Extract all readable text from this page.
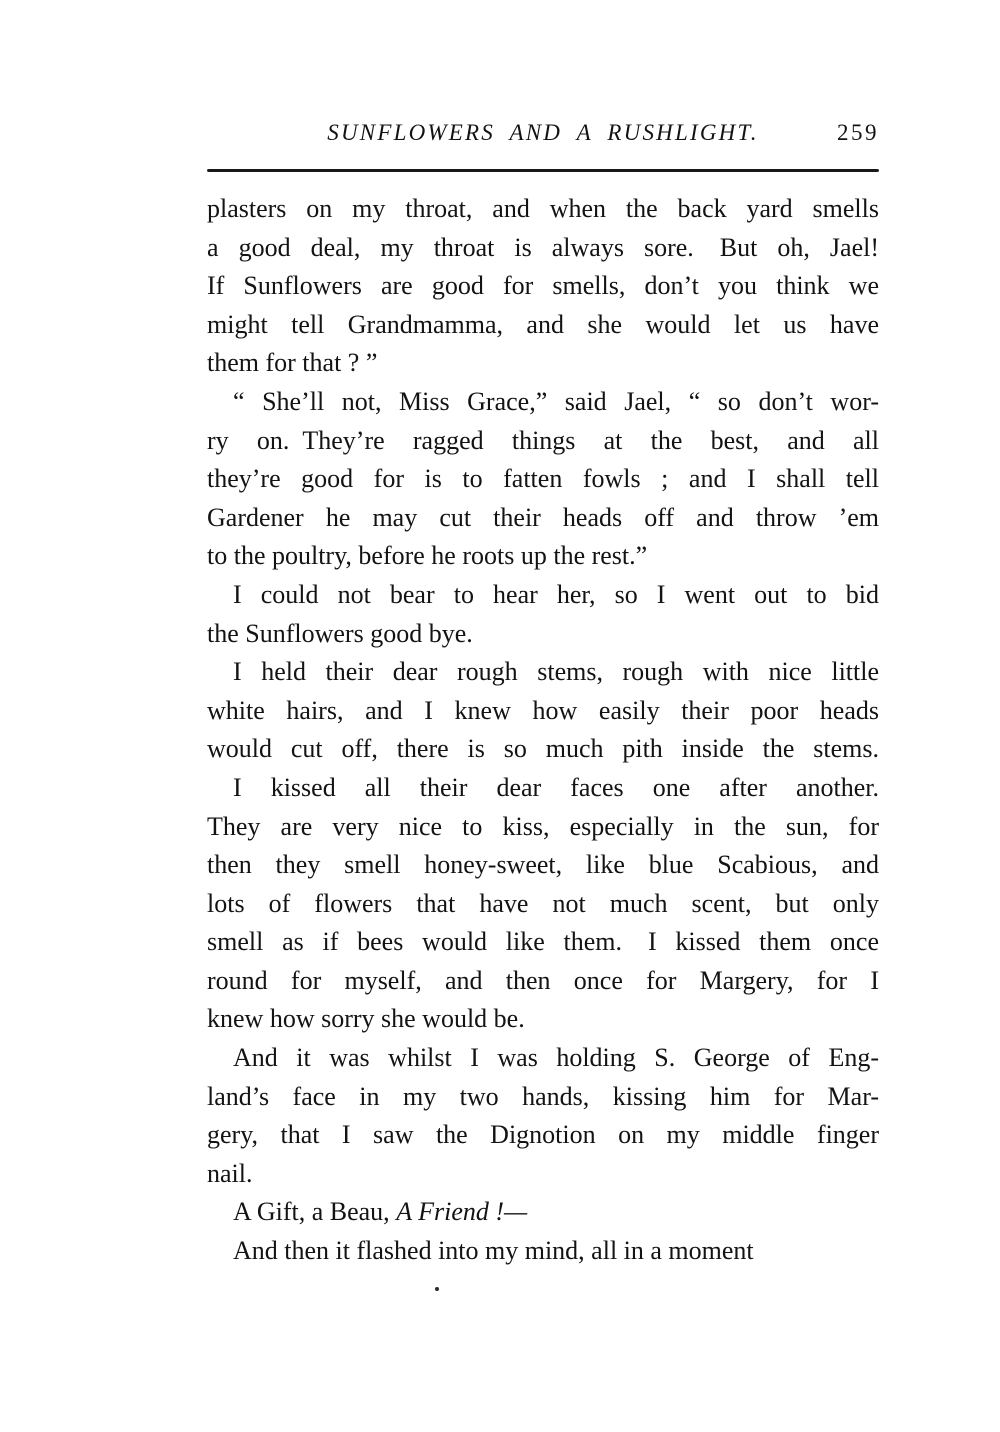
SUNFLOWERS AND A RUSHLIGHT.	259
plasters on my throat, and when the back yard smells
a good deal, my throat is always sore. But oh, Jael!
If Sunflowers are good for smells, don’t you think we
might tell Grandmamma, and she would let us have
them for that ? ”
“ She’ll not, Miss Grace,” said Jael, “ so don’t wor-
ry on. They’re ragged things at the best, and all
they’re good for is to fatten fowls ; and I shall tell
Gardener he may cut their heads off and throw ’em
to the poultry, before he roots up the rest.”
I could not bear to hear her, so I went out to bid
the Sunflowers good bye.
I held their dear rough stems, rough with nice little
white hairs, and I knew how easily their poor heads
would cut off, there is so much pith inside the stems.
I kissed all their dear faces one after another.
They are very nice to kiss, especially in the sun, for
then they smell honey-sweet, like blue Scabious, and
lots of flowers that have not much scent, but only
smell as if bees would like them. I kissed them once
round for myself, and then once for Margery, for I
knew how sorry she would be.
And it was whilst I was holding S. George of Eng-
land’s face in my two hands, kissing him for Mar-
gery, that I saw the Dignotion on my middle finger
nail.
A Gift, a Beau, A Friend !—
And then it flashed into my mind, all in a moment
